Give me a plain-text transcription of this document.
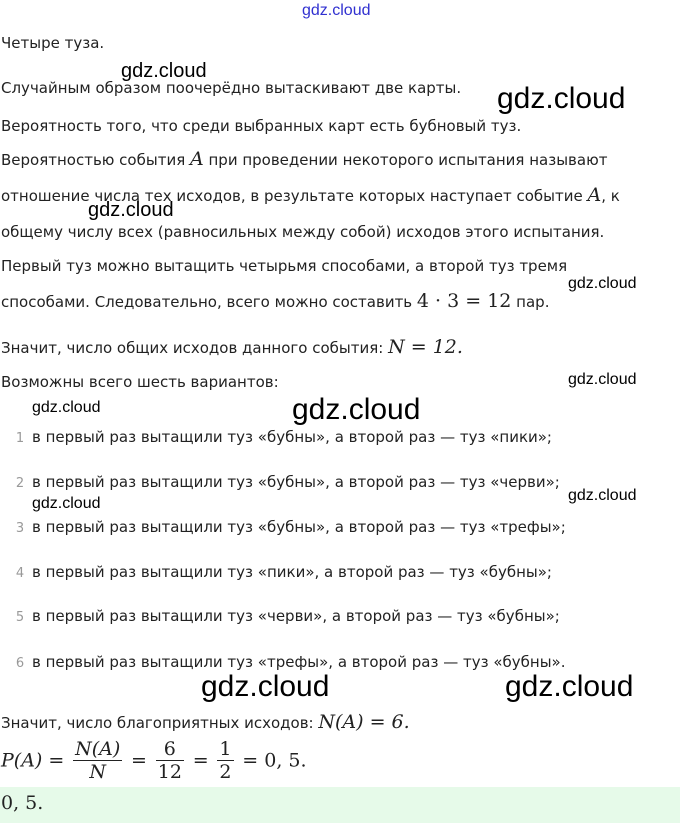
gdz.cloud
Четыре туза.
Случайным образом поочерёдно вытаскивают две карты.
Вероятность того, что среди выбранных карт есть бубновый туз.
Вероятностью события A при проведении некоторого испытания называют
отношение числа тех исходов, в результате которых наступает событие A, к
общему числу всех (равносильных между собой) исходов этого испытания.
Первый туз можно вытащить четырьмя способами, а второй туз тремя
способами. Следовательно, всего можно составить 4 · 3 = 12 пар.
Значит, число общих исходов данного события: N = 12.
Возможны всего шесть вариантов:
1 в первый раз вытащили туз «бубны», а второй раз — туз «пики»;
2 в первый раз вытащили туз «бубны», а второй раз — туз «черви»;
3 в первый раз вытащили туз «бубны», а второй раз — туз «трефы»;
4 в первый раз вытащили туз «пики», а второй раз — туз «бубны»;
5 в первый раз вытащили туз «черви», а второй раз — туз «бубны»;
6 в первый раз вытащили туз «трефы», а второй раз — туз «бубны».
Значит, число благоприятных исходов: N(A) = 6.
$P(A) = \frac{N(A)}{N} = \frac{6}{12} = \frac{1}{2} = 0$, 5.
0, 5.
gdz.cloud
gdz.cloud
gdz.cloud
gdz.cloud
gdz.cloud
gdz.cloud	gdz.cloud
gdz.cloud
gdz.cloud
gdz.cloud	gdz.cloud
